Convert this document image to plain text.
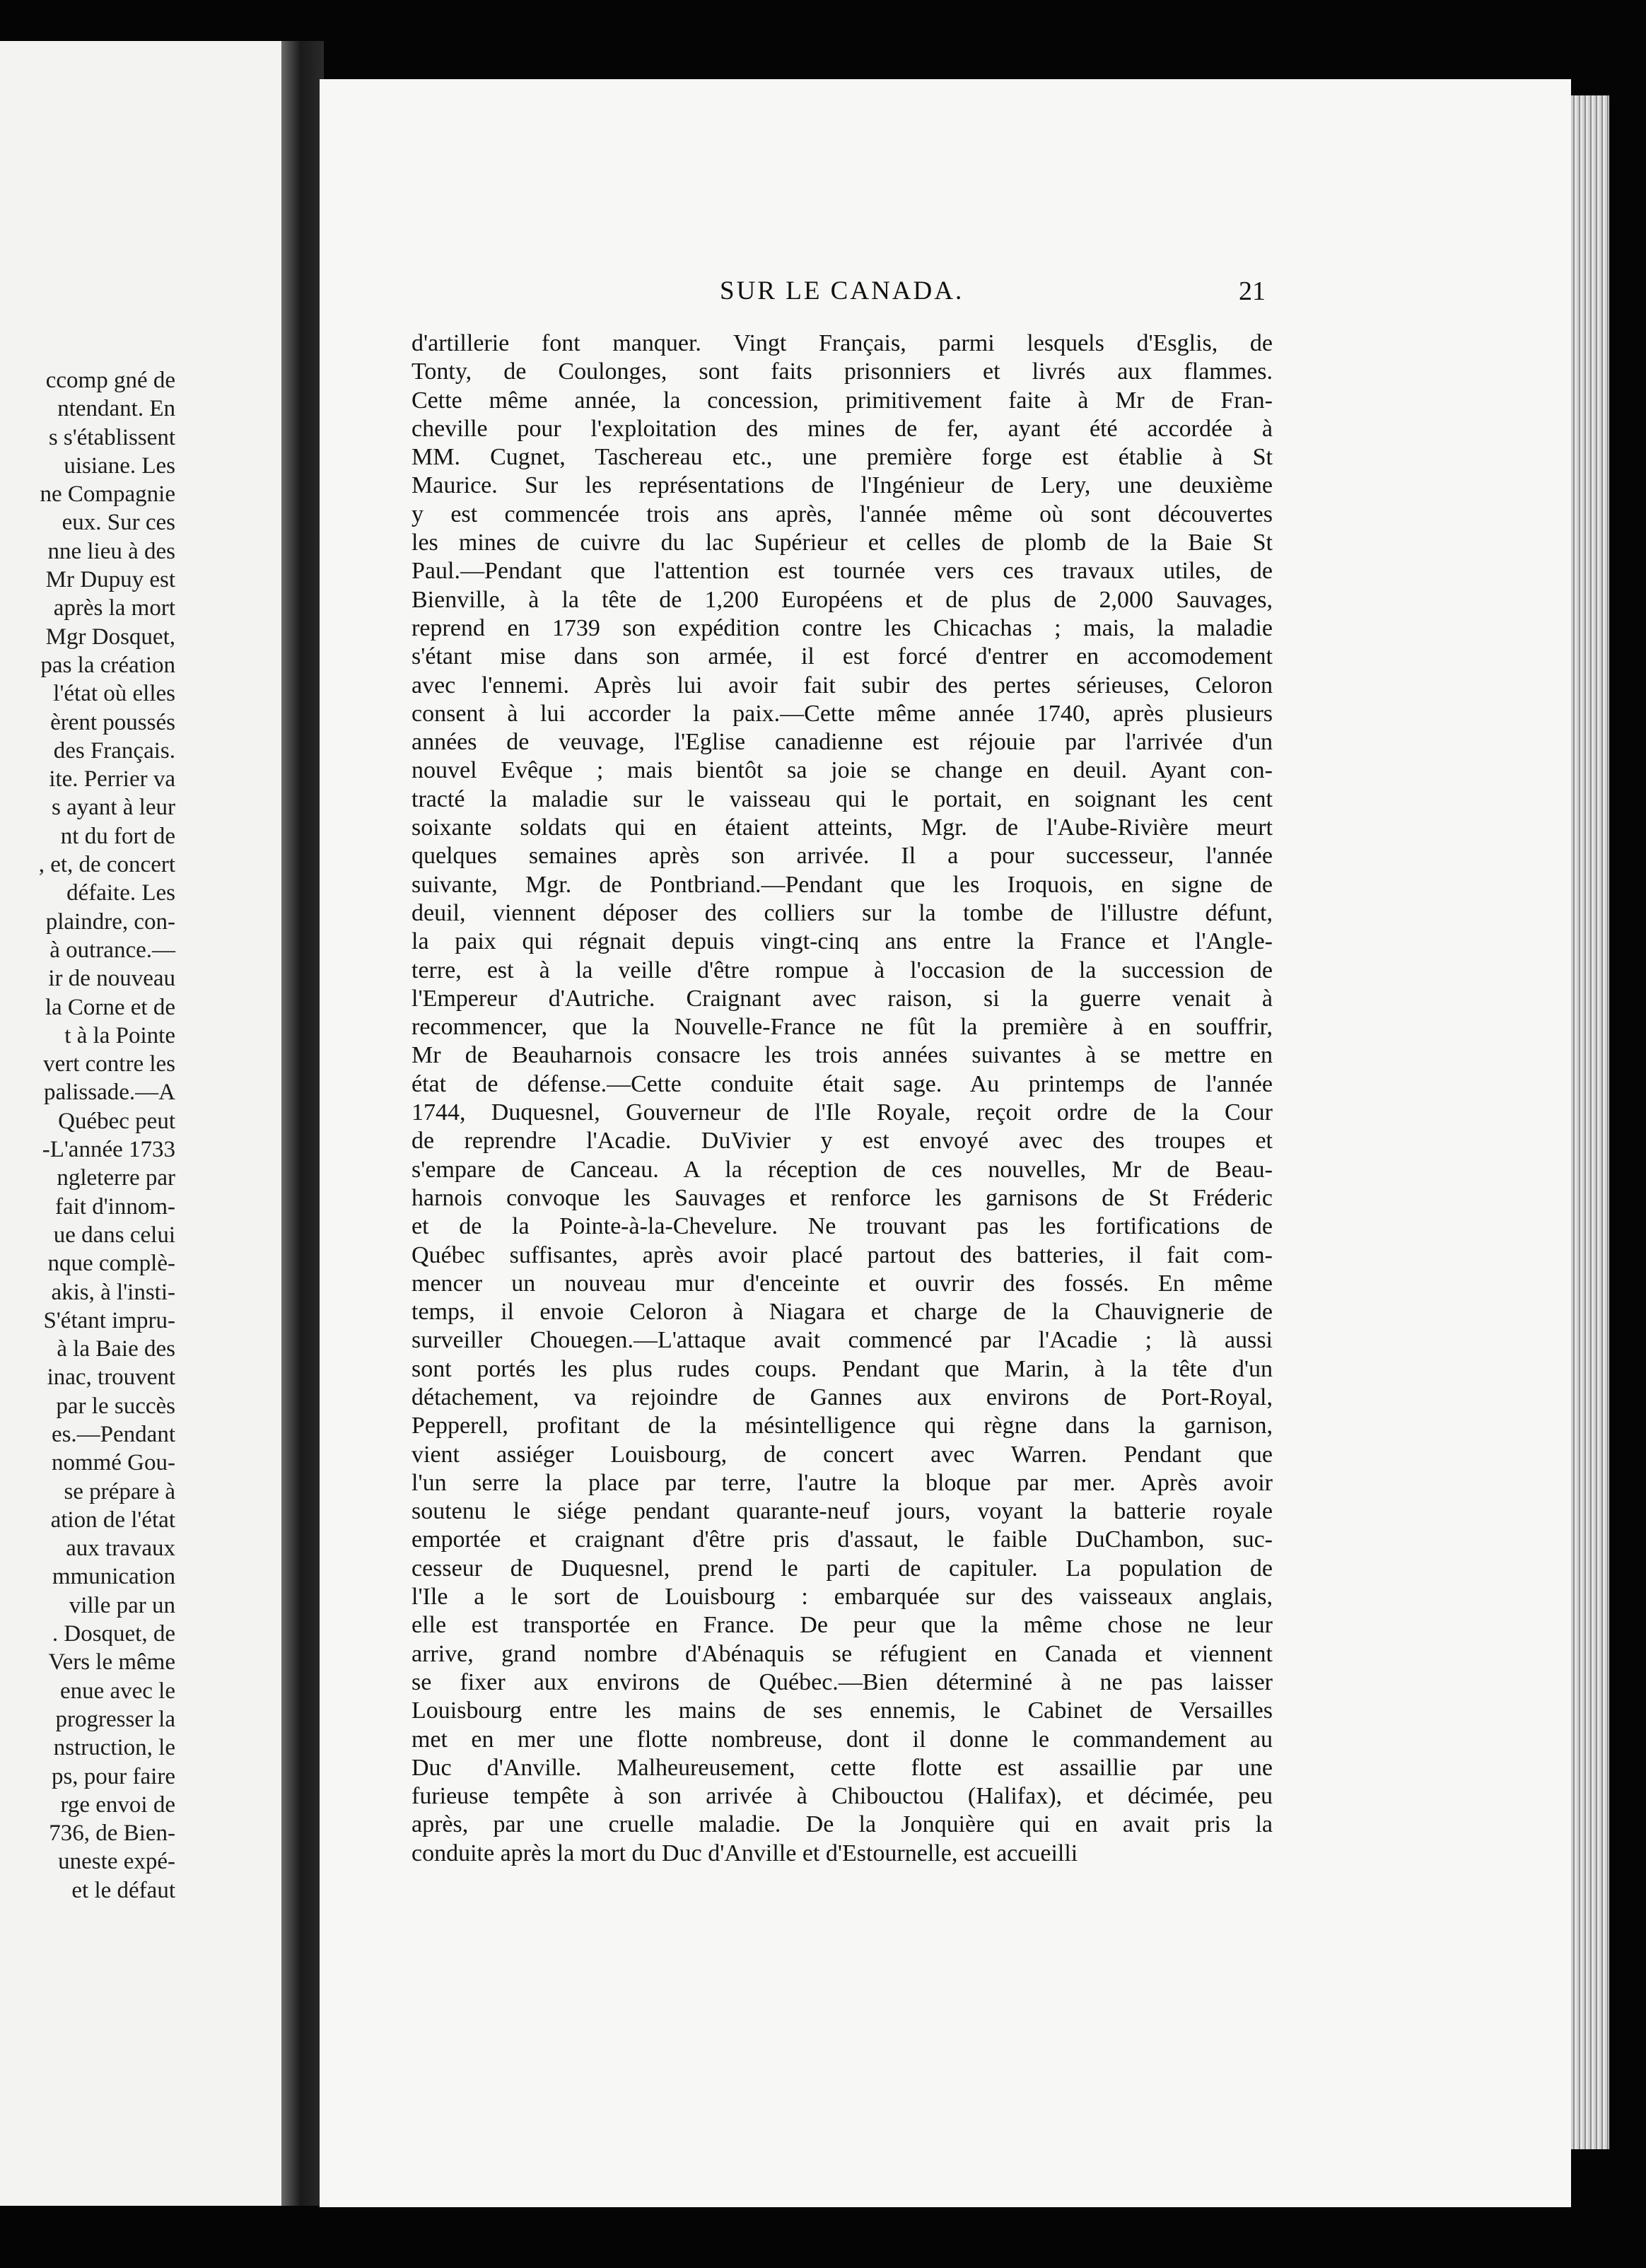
ccomp gné de
ntendant. En
s s'établissent
uisiane. Les
ne Compagnie
eux. Sur ces
nne lieu à des
Mr Dupuy est
après la mort
Mgr Dosquet,
pas la création
l'état où elles
èrent poussés
des Français.
ite. Perrier va
s ayant à leur
nt du fort de
, et, de concert
défaite. Les
plaindre, con-
à outrance.—
ir de nouveau
la Corne et de
t à la Pointe
vert contre les
palissade.—A
Québec peut
-L'année 1733
ngleterre par
fait d'innom-
ue dans celui
nque complè-
akis, à l'insti-
S'étant impru-
à la Baie des
inac, trouvent
par le succès
es.—Pendant
nommé Gou-
se prépare à
ation de l'état
aux travaux
mmunication
ville par un
. Dosquet, de
Vers le même
enue avec le
progresser la
nstruction, le
ps, pour faire
rge envoi de
736, de Bien-
uneste expé-
et le défaut
SUR LE CANADA.	21
d'artillerie font manquer. Vingt Français, parmi lesquels d'Esglis, de
Tonty, de Coulonges, sont faits prisonniers et livrés aux flammes.
Cette même année, la concession, primitivement faite à Mr de Fran-
cheville pour l'exploitation des mines de fer, ayant été accordée à
MM. Cugnet, Taschereau etc., une première forge est établie à St
Maurice. Sur les représentations de l'Ingénieur de Lery, une deuxième
y est commencée trois ans après, l'année même où sont découvertes
les mines de cuivre du lac Supérieur et celles de plomb de la Baie St
Paul.—Pendant que l'attention est tournée vers ces travaux utiles, de
Bienville, à la tête de 1,200 Européens et de plus de 2,000 Sauvages,
reprend en 1739 son expédition contre les Chicachas ; mais, la maladie
s'étant mise dans son armée, il est forcé d'entrer en accomodement
avec l'ennemi. Après lui avoir fait subir des pertes sérieuses, Celoron
consent à lui accorder la paix.—Cette même année 1740, après plusieurs
années de veuvage, l'Eglise canadienne est réjouie par l'arrivée d'un
nouvel Evêque ; mais bientôt sa joie se change en deuil. Ayant con-
tracté la maladie sur le vaisseau qui le portait, en soignant les cent
soixante soldats qui en étaient atteints, Mgr. de l'Aube-Rivière meurt
quelques semaines après son arrivée. Il a pour successeur, l'année
suivante, Mgr. de Pontbriand.—Pendant que les Iroquois, en signe de
deuil, viennent déposer des colliers sur la tombe de l'illustre défunt,
la paix qui régnait depuis vingt-cinq ans entre la France et l'Angle-
terre, est à la veille d'être rompue à l'occasion de la succession de
l'Empereur d'Autriche. Craignant avec raison, si la guerre venait à
recommencer, que la Nouvelle-France ne fût la première à en souffrir,
Mr de Beauharnois consacre les trois années suivantes à se mettre en
état de défense.—Cette conduite était sage. Au printemps de l'année
1744, Duquesnel, Gouverneur de l'Ile Royale, reçoit ordre de la Cour
de reprendre l'Acadie. DuVivier y est envoyé avec des troupes et
s'empare de Canceau. A la réception de ces nouvelles, Mr de Beau-
harnois convoque les Sauvages et renforce les garnisons de St Fréderic
et de la Pointe-à-la-Chevelure. Ne trouvant pas les fortifications de
Québec suffisantes, après avoir placé partout des batteries, il fait com-
mencer un nouveau mur d'enceinte et ouvrir des fossés. En même
temps, il envoie Celoron à Niagara et charge de la Chauvignerie de
surveiller Chouegen.—L'attaque avait commencé par l'Acadie ; là aussi
sont portés les plus rudes coups. Pendant que Marin, à la tête d'un
détachement, va rejoindre de Gannes aux environs de Port-Royal,
Pepperell, profitant de la mésintelligence qui règne dans la garnison,
vient assiéger Louisbourg, de concert avec Warren. Pendant que
l'un serre la place par terre, l'autre la bloque par mer. Après avoir
soutenu le siége pendant quarante-neuf jours, voyant la batterie royale
emportée et craignant d'être pris d'assaut, le faible DuChambon, suc-
cesseur de Duquesnel, prend le parti de capituler. La population de
l'Ile a le sort de Louisbourg : embarquée sur des vaisseaux anglais,
elle est transportée en France. De peur que la même chose ne leur
arrive, grand nombre d'Abénaquis se réfugient en Canada et viennent
se fixer aux environs de Québec.—Bien déterminé à ne pas laisser
Louisbourg entre les mains de ses ennemis, le Cabinet de Versailles
met en mer une flotte nombreuse, dont il donne le commandement au
Duc d'Anville. Malheureusement, cette flotte est assaillie par une
furieuse tempête à son arrivée à Chibouctou (Halifax), et décimée, peu
après, par une cruelle maladie. De la Jonquière qui en avait pris la
conduite après la mort du Duc d'Anville et d'Estournelle, est accueilli
